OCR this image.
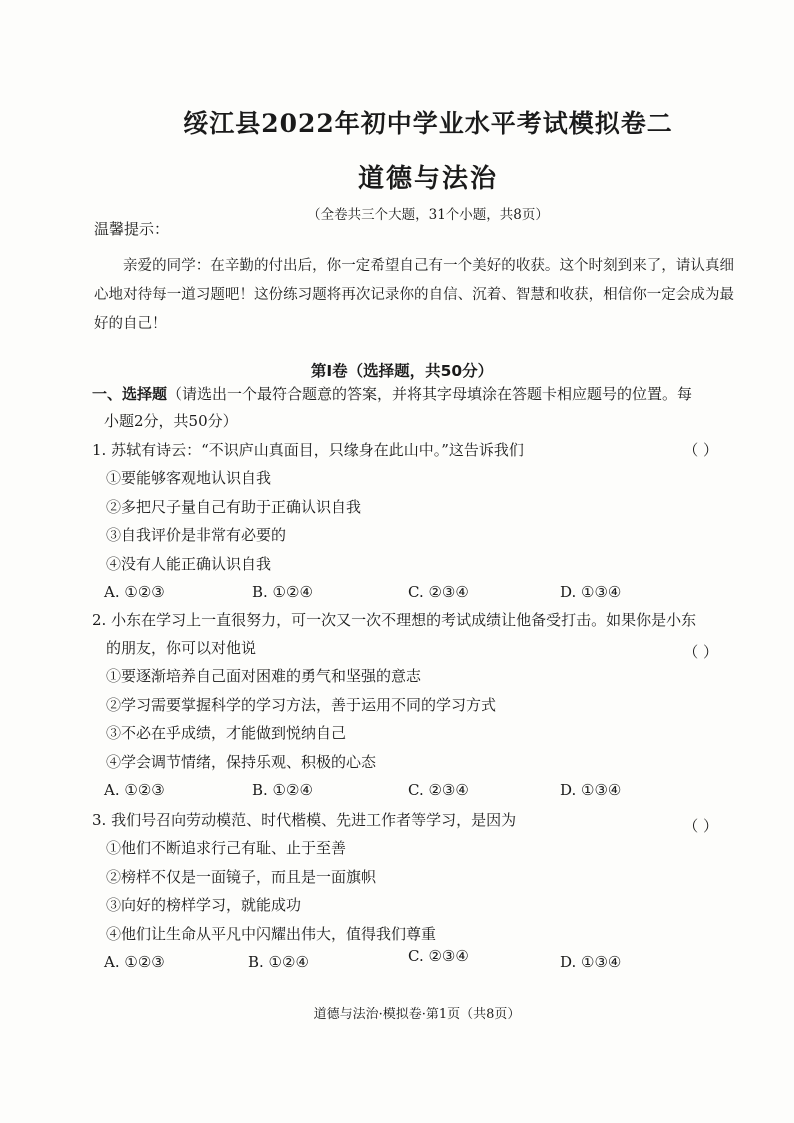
绥江县2022年初中学业水平考试模拟卷二
道德与法治
（全卷共三个大题，31个小题，共8页）
温馨提示：
亲爱的同学：在辛勤的付出后，你一定希望自己有一个美好的收获。这个时刻到来了，请认真细心地对待每一道习题吧！这份练习题将再次记录你的自信、沉着、智慧和收获，相信你一定会成为最好的自己！
第Ⅰ卷（选择题，共50分）
一、选择题（请选出一个最符合题意的答案，并将其字母填涂在答题卡相应题号的位置。每
小题2分，共50分）
1. 苏轼有诗云：“不识庐山真面目，只缘身在此山中。”这告诉我们	（ ）
①要能够客观地认识自我
②多把尺子量自己有助于正确认识自我
③自我评价是非常有必要的
④没有人能正确认识自我
A. ①②③	B. ①②④	C. ②③④	D. ①③④
2. 小东在学习上一直很努力，可一次又一次不理想的考试成绩让他备受打击。如果你是小东
的朋友，你可以对他说	（ ）
①要逐渐培养自己面对困难的勇气和坚强的意志
②学习需要掌握科学的学习方法，善于运用不同的学习方式
③不必在乎成绩，才能做到悦纳自己
④学会调节情绪，保持乐观、积极的心态
A. ①②③	B. ①②④	C. ②③④	D. ①③④
3. 我们号召向劳动模范、时代楷模、先进工作者等学习，是因为	（ ）
①他们不断追求行己有耻、止于至善
②榜样不仅是一面镜子，而且是一面旗帜
③向好的榜样学习，就能成功
④他们让生命从平凡中闪耀出伟大，值得我们尊重
A. ①②③	B. ①②④	C. ②③④	D. ①③④
道德与法治·模拟卷·第1页（共8页）
